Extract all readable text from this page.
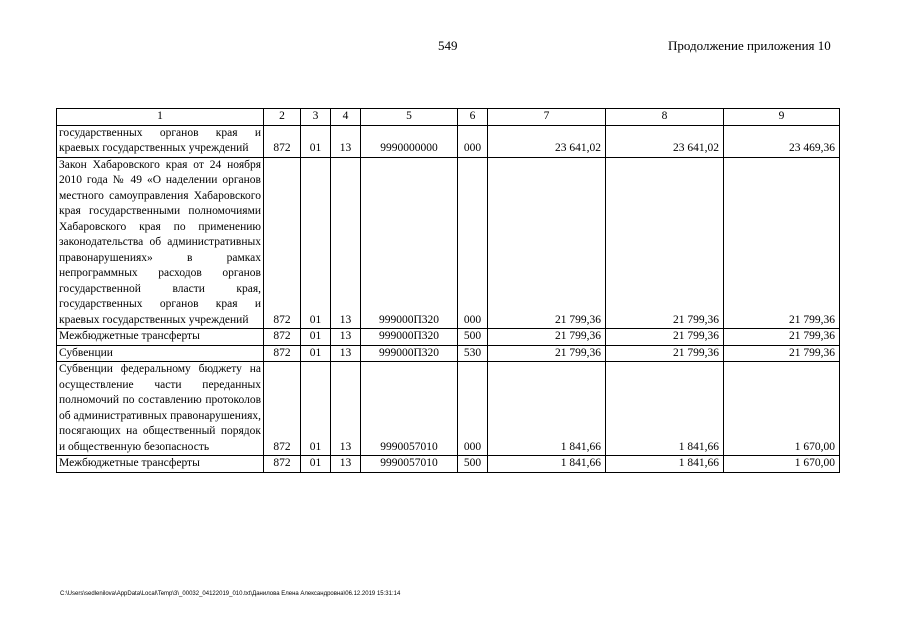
549	Продолжение приложения 10
1	2	3	4	5	6	7	8	9
государственных органов края и краевых государственных учреждений	872	01	13	9990000000	000	23 641,02	23 641,02	23 469,36
Закон Хабаровского края от 24 ноября 2010 года № 49 «О наделении органов местного самоуправления Хабаровского края государственными полномочиями Хабаровского края по применению законодательства об административных правонарушениях» в рамках непрограммных расходов органов государственной власти края, государственных органов края и краевых государственных учреждений	872	01	13	999000П320	000	21 799,36	21 799,36	21 799,36
Межбюджетные трансферты	872	01	13	999000П320	500	21 799,36	21 799,36	21 799,36
Субвенции	872	01	13	999000П320	530	21 799,36	21 799,36	21 799,36
Субвенции федеральному бюджету на осуществление части переданных полномочий по составлению протоколов об административных правонарушениях, посягающих на общественный порядок и общественную безопасность	872	01	13	9990057010	000	1 841,66	1 841,66	1 670,00
Межбюджетные трансферты	872	01	13	9990057010	500	1 841,66	1 841,66	1 670,00
C:\Users\sedlenilova\AppData\Local\Temp\3\_00032_04122019_010.txt\Данилова Елена Александровна\06.12.2019 15:31:14
